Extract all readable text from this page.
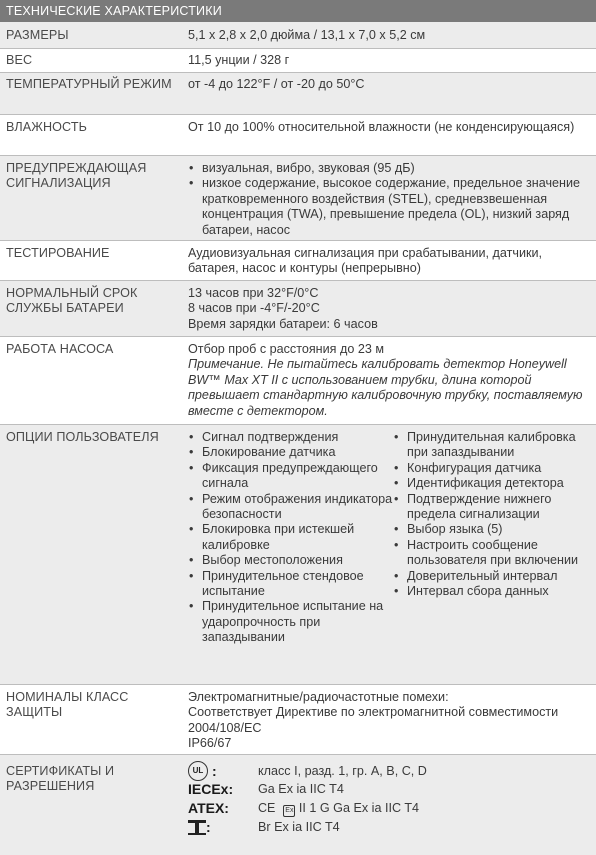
ТЕХНИЧЕСКИЕ ХАРАКТЕРИСТИКИ
РАЗМЕРЫ	5,1 x 2,8 x 2,0 дюйма / 13,1 x 7,0 x 5,2 см
ВЕС	11,5 унции / 328 г
ТЕМПЕРАТУРНЫЙ РЕЖИМ	от -4 до 122°F / от -20 до 50°C
ВЛАЖНОСТЬ	От 10 до 100% относительной влажности (не конденсирующаяся)
ПРЕДУПРЕЖДАЮЩАЯ СИГНАЛИЗАЦИЯ
• визуальная, вибро, звуковая (95 дБ)
• низкое содержание, высокое содержание, предельное значение кратковременного воздействия (STEL), средневзвешенная концентрация (TWA), превышение предела (OL), низкий заряд батареи, насос
ТЕСТИРОВАНИЕ	Аудиовизуальная сигнализация при срабатывании, датчики, батарея, насос и контуры (непрерывно)
НОРМАЛЬНЫЙ СРОК СЛУЖБЫ БАТАРЕИ

13 часов при 32°F/0°C

8 часов при -4°F/-20°C

Время зарядки батареи: 6 часов

РАБОТА НАСОСА	Отбор проб с расстояния до 23 м

Примечание. Не пытайтесь калибровать детектор Honeywell BW™ Max XT II с использованием трубки, длина которой превышает стандартную калибровочную трубку, поставляемую вместе с детектором.

ОПЦИИ ПОЛЬЗОВАТЕЛЯ
•	Сигнал подтверждения
• Блокирование датчика
• Фиксация предупреждающего сигнала
• Режим отображения индикатора безопасности
• Блокировка при истекшей калибровке
• Выбор местоположения
• Принудительное стендовое испытание
• Принудительное испытание на ударопрочность при запаздывании
• Принудительная калибровка при запаздывании
• Конфигурация датчика
• Идентификация детектора
• Подтверждение нижнего предела сигнализации
• Выбор языка (5)
• Настроить сообщение пользователя при включении
• Доверительный интервал
• Интервал сбора данных
НОМИНАЛЫ КЛАСС ЗАЩИТЫ

Электромагнитные/радиочастотные помехи:

Соответствует Директиве по электромагнитной совместимости 2004/108/EC

IP66/67

СЕРТИФИКАТЫ И РАЗРЕШЕНИЯ
UL :	класс I, разд. 1, гр. A, B, C, D
IECEx:	Ga Ex ia IIC T4
ATEX:	CE Ex II 1 G Ga Ex ia IIC T4
:	Br Ex ia IIC T4
